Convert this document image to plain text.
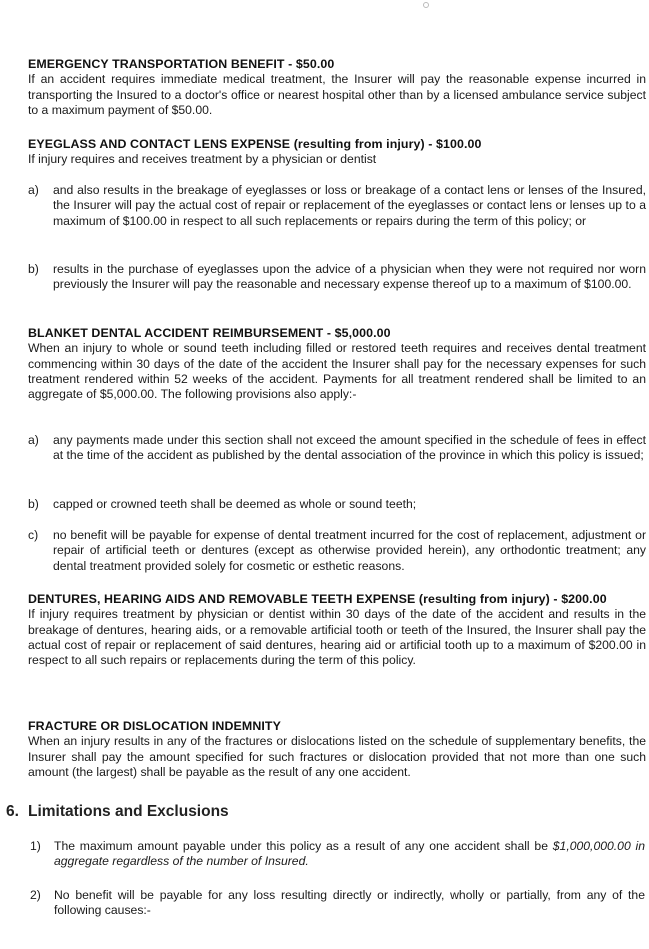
EMERGENCY TRANSPORTATION BENEFIT - $50.00

If an accident requires immediate medical treatment, the Insurer will pay the reasonable expense incurred in transporting the Insured to a doctor's office or nearest hospital other than by a licensed ambulance service subject to a maximum payment of $50.00.

EYEGLASS AND CONTACT LENS EXPENSE (resulting from injury) - $100.00

If injury requires and receives treatment by a physician or dentist

a)	and also results in the breakage of eyeglasses or loss or breakage of a contact lens or lenses of the Insured, the Insurer will pay the actual cost of repair or replacement of the eyeglasses or contact lens or lenses up to a maximum of $100.00 in respect to all such replacements or repairs during the term of this policy; or
b)	results in the purchase of eyeglasses upon the advice of a physician when they were not required nor worn previously the Insurer will pay the reasonable and necessary expense thereof up to a maximum of $100.00.
BLANKET DENTAL ACCIDENT REIMBURSEMENT - $5,000.00

When an injury to whole or sound teeth including filled or restored teeth requires and receives dental treatment commencing within 30 days of the date of the accident the Insurer shall pay for the necessary expenses for such treatment rendered within 52 weeks of the accident. Payments for all treatment rendered shall be limited to an aggregate of $5,000.00. The following provisions also apply:-

a)	any payments made under this section shall not exceed the amount specified in the schedule of fees in effect at the time of the accident as published by the dental association of the province in which this policy is issued;
b)	capped or crowned teeth shall be deemed as whole or sound teeth;
c)	no benefit will be payable for expense of dental treatment incurred for the cost of replacement, adjustment or repair of artificial teeth or dentures (except as otherwise provided herein), any orthodontic treatment; any dental treatment provided solely for cosmetic or esthetic reasons.
DENTURES, HEARING AIDS AND REMOVABLE TEETH EXPENSE (resulting from injury) - $200.00

If injury requires treatment by physician or dentist within 30 days of the date of the accident and results in the breakage of dentures, hearing aids, or a removable artificial tooth or teeth of the Insured, the Insurer shall pay the actual cost of repair or replacement of said dentures, hearing aid or artificial tooth up to a maximum of $200.00 in respect to all such repairs or replacements during the term of this policy.

FRACTURE OR DISLOCATION INDEMNITY

When an injury results in any of the fractures or dislocations listed on the schedule of supplementary benefits, the Insurer shall pay the amount specified for such fractures or dislocation provided that not more than one such amount (the largest) shall be payable as the result of any one accident.

6. Limitations and Exclusions
1)	The maximum amount payable under this policy as a result of any one accident shall be $1,000,000.00 in aggregate regardless of the number of Insured.
2)	No benefit will be payable for any loss resulting directly or indirectly, wholly or partially, from any of the following causes:-
